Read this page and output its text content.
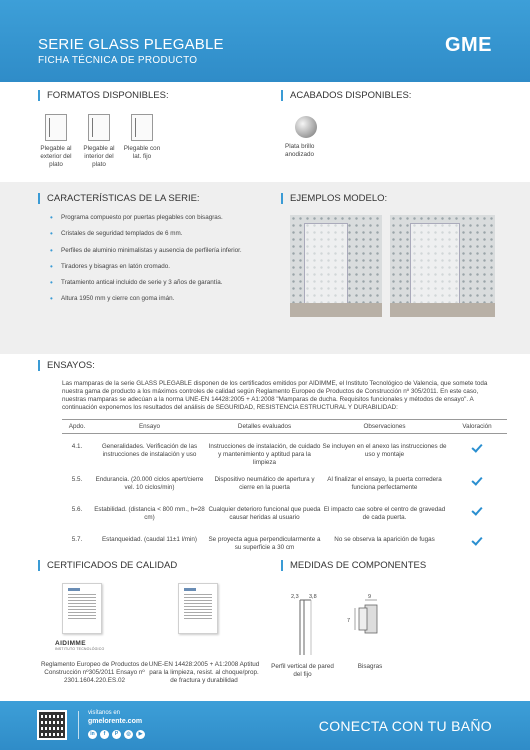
SERIE GLASS PLEGABLE
FICHA TÉCNICA DE PRODUCTO
GME
FORMATOS DISPONIBLES:
Plegable al exterior del plato
Plegable al interior del plato
Plegable con lat. fijo
ACABADOS DISPONIBLES:
Plata brillo anodizado
CARACTERÍSTICAS DE LA SERIE:
• Programa compuesto por puertas plegables con bisagras.
• Cristales de seguridad templados de 6 mm.
• Perfiles de aluminio minimalistas y ausencia de perfilería inferior.
• Tiradores y bisagras en latón cromado.
• Tratamiento anticał incluido de serie y 3 años de garantía.
• Altura 1950 mm y cierre con goma imán.
EJEMPLOS MODELO:
ENSAYOS:
Las mamparas de la serie GLASS PLEGABLE disponen de los certificados emitidos por AIDIMME, el Instituto Tecnológico de Valencia, que somete toda nuestra gama de producto a los máximos controles de calidad según Reglamento Europeo de Productos de Construcción nº 305/2011. En este caso, nuestras mamparas se adecúan a la norma UNE-EN 14428:2005 + A1:2008 "Mamparas de ducha. Requisitos funcionales y métodos de ensayo". A continuación exponemos los resultados del análisis de SEGURIDAD, RESISTENCIA ESTRUCTURAL Y DURABILIDAD:
Apdo.	Ensayo	Detalles evaluados	Observaciones	Valoración
4.1.	Generalidades. Verificación de las instrucciones de instalación y uso	Instrucciones de instalación, de cuidado y mantenimiento y aptitud para la limpieza	Se incluyen en el anexo las instrucciones de uso y montaje	
5.5.	Endurancia. (20.000 ciclos apert/cierre vel. 10 ciclos/min)	Dispositivo neumático de apertura y cierre en la puerta	Al finalizar el ensayo, la puerta corredera funciona perfectamente	
5.6.	Estabilidad. (distancia < 800 mm., h=28 cm)	Cualquier deterioro funcional que pueda causar heridas al usuario	El impacto cae sobre el centro de gravedad de cada puerta.	
5.7.	Estanqueidad. (caudal 11±1 l/min)	Se proyecta agua perpendicularmente a su superficie a 30 cm	No se observa la aparición de fugas	
CERTIFICADOS DE CALIDAD
AIDIMME
INSTITUTO TECNOLÓGICO
Reglamento Europeo de Productos de Construcción nº305/2011 Ensayo nº 2301.1604.220.ES.02
UNE-EN 14428:2005 + A1:2008 Aptitud para la limpieza, resist. al choque/prop. de fractura y durabilidad
MEDIDAS DE COMPONENTES
2,3 3,8	9
7
Perfil vertical de pared del fijo
Bisagras
visítanos en
gmelorente.com
in	f	P	◎	▶	CONECTA CON TU BAÑO
